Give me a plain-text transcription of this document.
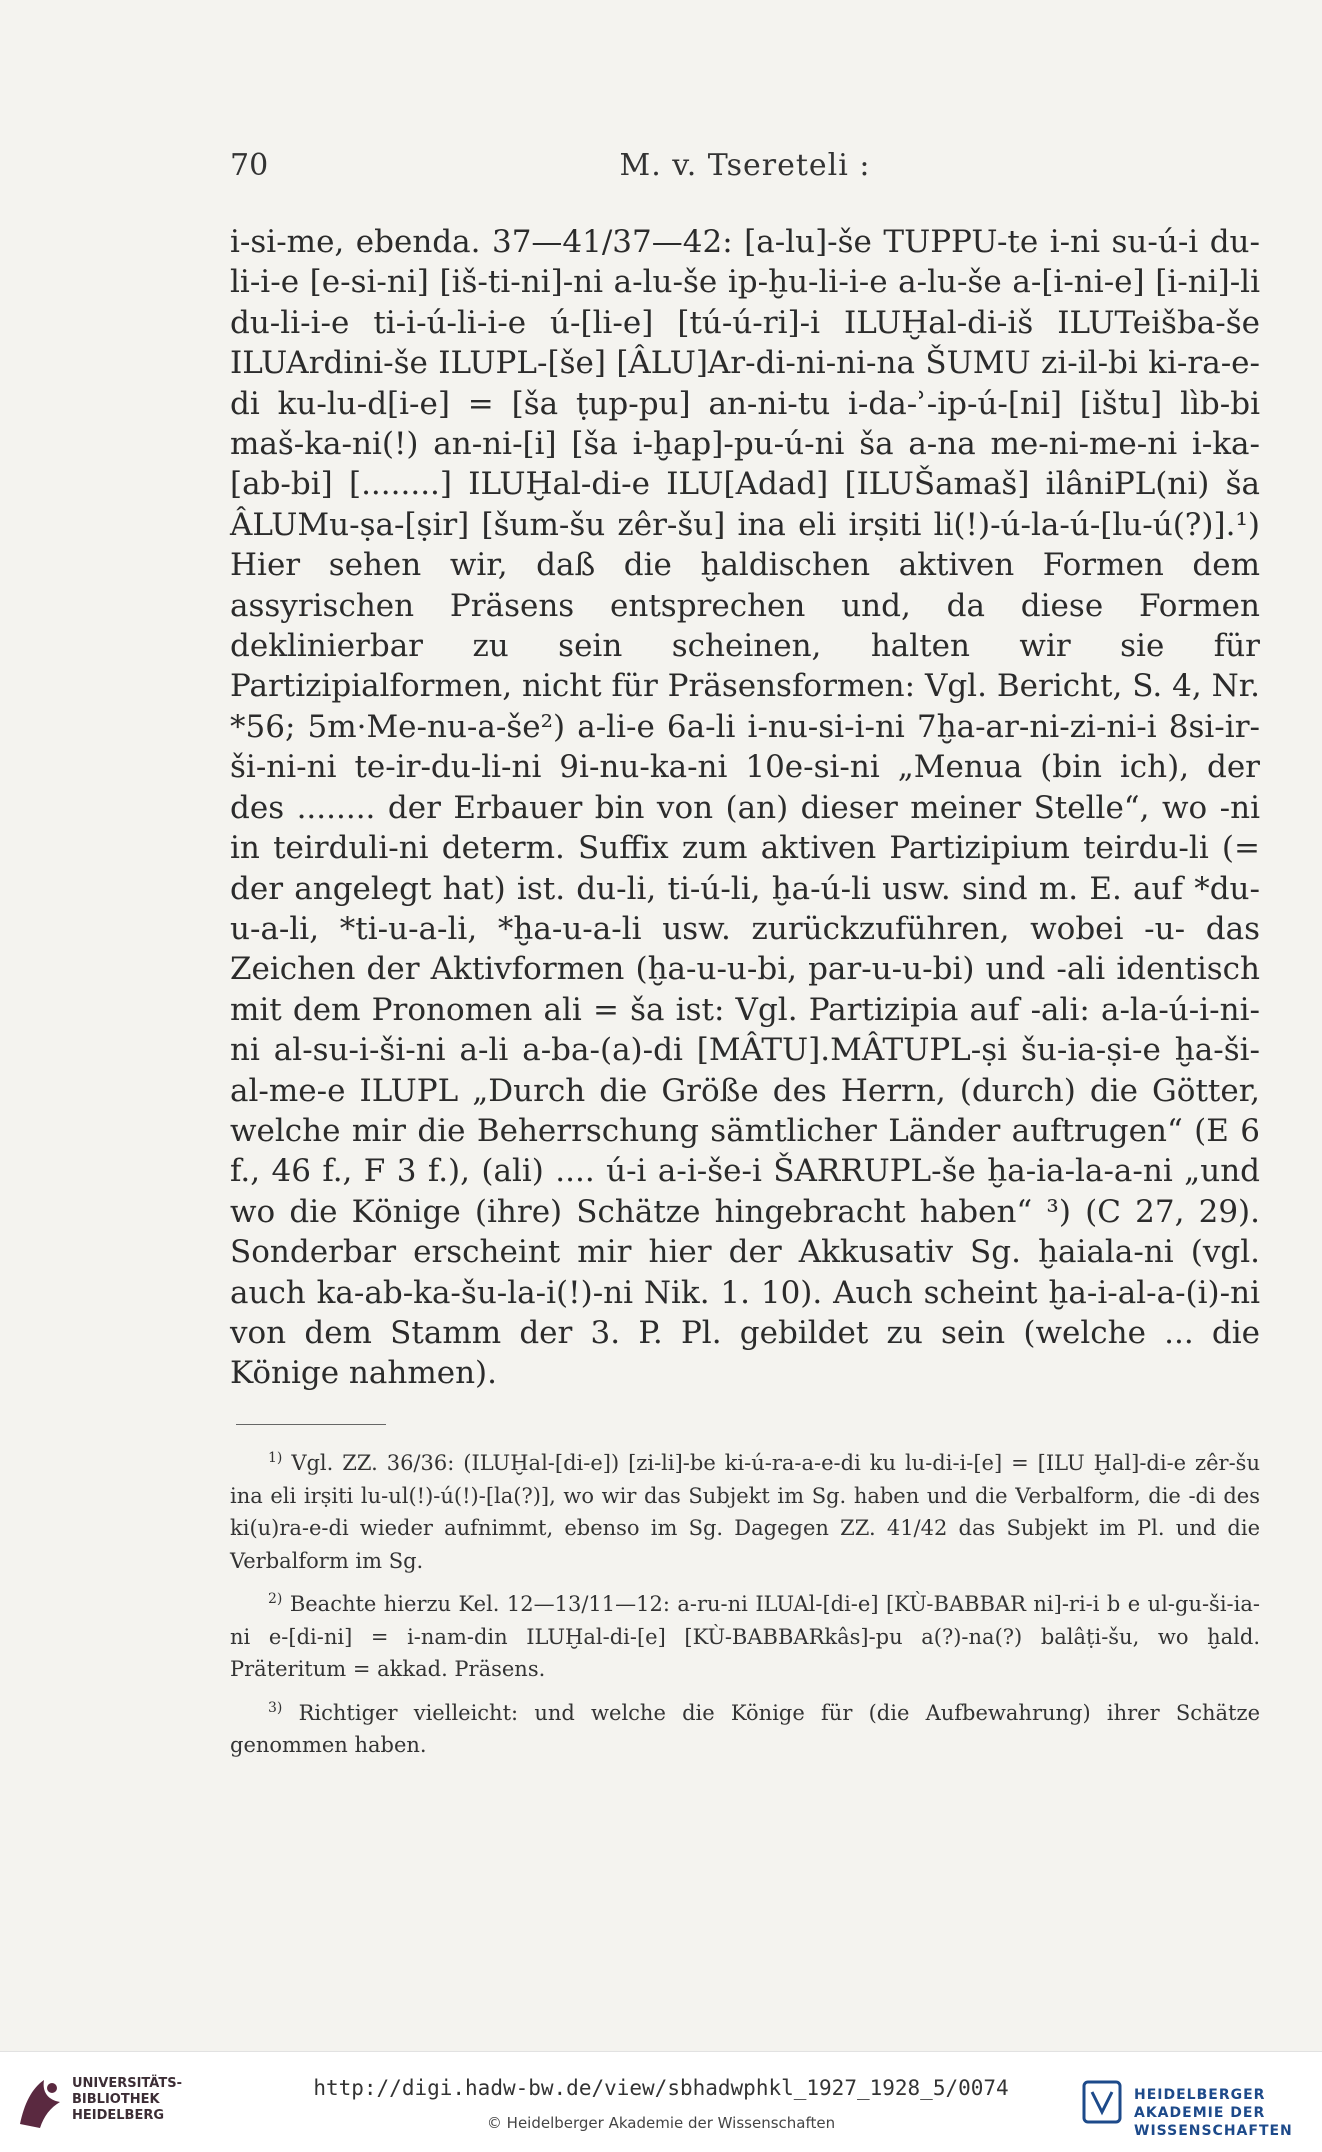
70	M. v. Tsereteli :

i-si-me, ebenda. 37—41/37—42: [a-lu]-še TUPPU-te i-ni su-ú-i du-li-i-e [e-si-ni] [iš-ti-ni]-ni a-lu-še ip-ḫu-li-i-e a-lu-še a-[i-ni-e] [i-ni]-li du-li-i-e ti-i-ú-li-i-e ú-[li-e] [tú-ú-ri]-i ILUḪal-di-iš ILUTeišba-še ILUArdini-še ILUPL-[še] [ÂLU]Ar-di-ni-ni-na ŠUMU zi-il-bi ki-ra-e-di ku-lu-d[i-e] = [ša ṭup-pu] an-ni-tu i-da-ʾ-ip-ú-[ni] [ištu] lìb-bi maš-ka-ni(!) an-ni-[i] [ša i-ḫap]-pu-ú-ni ša a-na me-ni-me-ni i-ka-[ab-bi] [........] ILUḪal-di-e ILU[Adad] [ILUŠamaš] ilâniPL(ni) ša ÂLUMu-ṣa-[ṣir] [šum-šu zêr-šu] ina eli irṣiti li(!)-ú-la-ú-[lu-ú(?)].¹) Hier sehen wir, daß die ḫaldischen aktiven Formen dem assyrischen Präsens entsprechen und, da diese Formen deklinierbar zu sein scheinen, halten wir sie für Partizipialformen, nicht für Präsensformen: Vgl. Bericht, S. 4, Nr. *56; 5m·Me-nu-a-še²) a-li-e 6a-li i-nu-si-i-ni 7ḫa-ar-ni-zi-ni-i 8si-ir-ši-ni-ni te-ir-du-li-ni 9i-nu-ka-ni 10e-si-ni „Menua (bin ich), der des ........ der Erbauer bin von (an) dieser meiner Stelle“, wo -ni in teirduli-ni determ. Suffix zum aktiven Partizipium teirdu-li (= der angelegt hat) ist. du-li, ti-ú-li, ḫa-ú-li usw. sind m. E. auf *du-u-a-li, *ti-u-a-li, *ḫa-u-a-li usw. zurückzuführen, wobei -u- das Zeichen der Aktivformen (ḫa-u-u-bi, par-u-u-bi) und -ali identisch mit dem Pronomen ali = ša ist: Vgl. Partizipia auf -ali: a-la-ú-i-ni-ni al-su-i-ši-ni a-li a-ba-(a)-di [MÂTU].MÂTUPL-ṣi šu-ia-ṣi-e ḫa-ši-al-me-e ILUPL „Durch die Größe des Herrn, (durch) die Götter, welche mir die Beherrschung sämtlicher Länder auftrugen“ (E 6 f., 46 f., F 3 f.), (ali) .... ú-i a-i-še-i ŠARRUPL-še ḫa-ia-la-a-ni „und wo die Könige (ihre) Schätze hingebracht haben“ ³) (C 27, 29). Sonderbar erscheint mir hier der Akkusativ Sg. ḫaiala-ni (vgl. auch ka-ab-ka-šu-la-i(!)-ni Nik. 1. 10). Auch scheint ḫa-i-al-a-(i)-ni von dem Stamm der 3. P. Pl. gebildet zu sein (welche ... die Könige nahmen).

$^{1)}$ Vgl. ZZ. 36/36: (ILUḪal-[di-e]) [zi-li]-be ki-ú-ra-a-e-di ku lu-di-i-[e] = [ILU Ḫal]-di-e zêr-šu ina eli irṣiti lu-ul(!)-ú(!)-[la(?)], wo wir das Subjekt im Sg. haben und die Verbalform, die -di des ki(u)ra-e-di wieder aufnimmt, ebenso im Sg. Dagegen ZZ. 41/42 das Subjekt im Pl. und die Verbalform im Sg.

$^{2)}$ Beachte hierzu Kel. 12—13/11—12: a-ru-ni ILUAl-[di-e] [KÙ-BABBAR ni]-ri-i b e ul-gu-ši-ia-ni e-[di-ni] = i-nam-din ILUḪal-di-[e] [KÙ-BABBARkâs]-pu a(?)-na(?) balâṭi-šu, wo ḫald. Präteritum = akkad. Präsens.

$^{3)}$ Richtiger vielleicht: und welche die Könige für (die Aufbewahrung) ihrer Schätze genommen haben.

UNIVERSITÄTS- BIBLIOTHEK HEIDELBERG
http://digi.hadw-bw.de/view/sbhadwphkl_1927_1928_5/0074
© Heidelberger Akademie der Wissenschaften
HEIDELBERGER AKADEMIE DER WISSENSCHAFTEN
